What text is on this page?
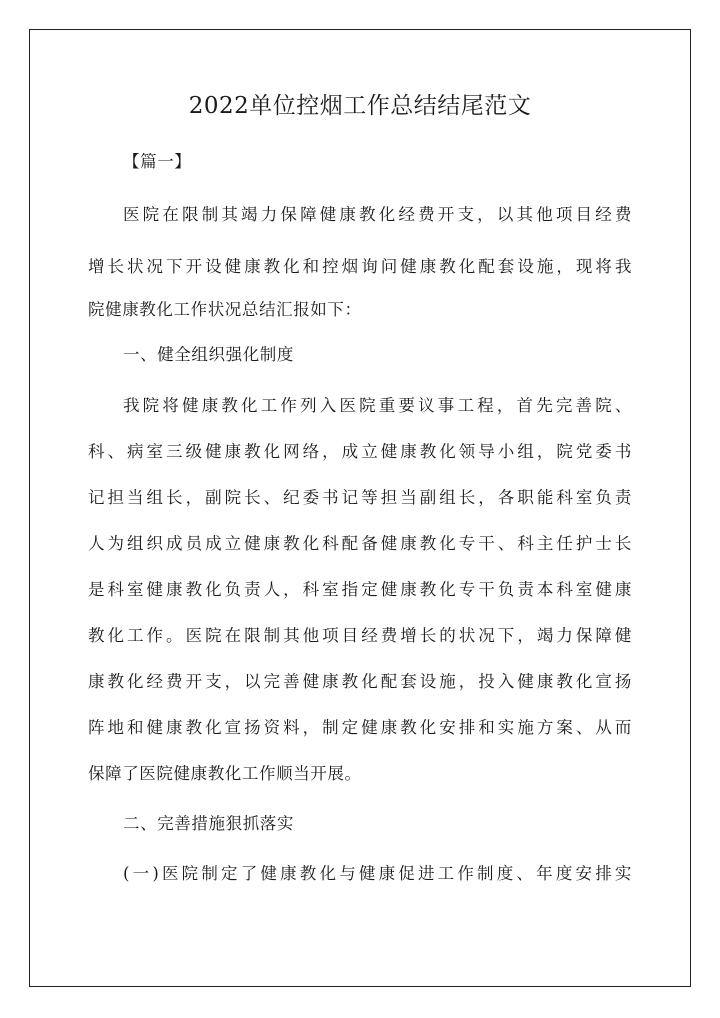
2022单位控烟工作总结结尾范文
【篇一】
医院在限制其竭力保障健康教化经费开支，以其他项目经费
增长状况下开设健康教化和控烟询问健康教化配套设施，现将我
院健康教化工作状况总结汇报如下：
一、健全组织强化制度
我院将健康教化工作列入医院重要议事工程，首先完善院、
科、病室三级健康教化网络，成立健康教化领导小组，院党委书
记担当组长，副院长、纪委书记等担当副组长，各职能科室负责
人为组织成员成立健康教化科配备健康教化专干、科主任护士长
是科室健康教化负责人，科室指定健康教化专干负责本科室健康
教化工作。医院在限制其他项目经费增长的状况下，竭力保障健
康教化经费开支，以完善健康教化配套设施，投入健康教化宣扬
阵地和健康教化宣扬资料，制定健康教化安排和实施方案、从而
保障了医院健康教化工作顺当开展。
二、完善措施狠抓落实
(一)医院制定了健康教化与健康促进工作制度、年度安排实
